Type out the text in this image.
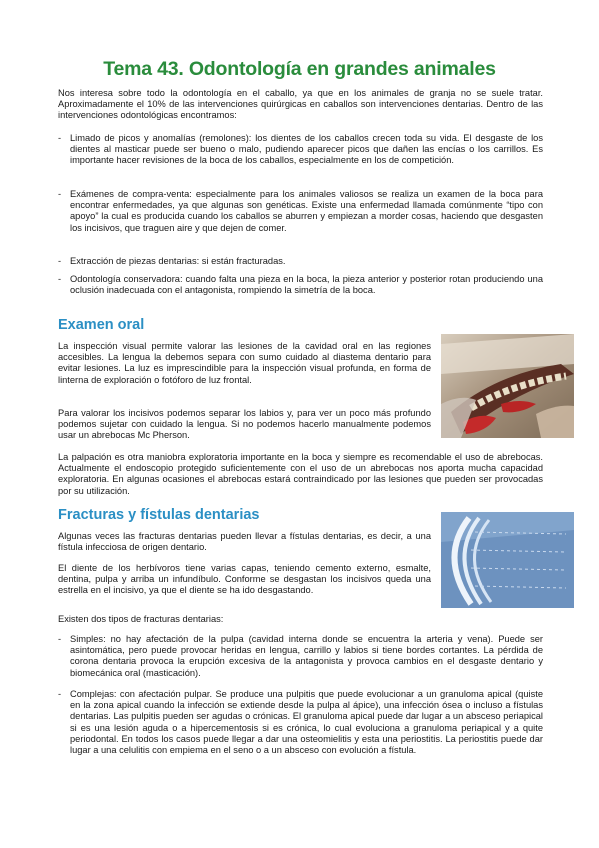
Tema 43. Odontología en grandes animales
Nos interesa sobre todo la odontología en el caballo, ya que en los animales de granja no se suele tratar. Aproximadamente el 10% de las intervenciones quirúrgicas en caballos son intervenciones dentarias. Dentro de las intervenciones odontológicas encontramos:
- Limado de picos y anomalías (remolones): los dientes de los caballos crecen toda su vida. El desgaste de los dientes al masticar puede ser bueno o malo, pudiendo aparecer picos que dañen las encías o los carrillos. Es importante hacer revisiones de la boca de los caballos, especialmente en los de competición.
- Exámenes de compra-venta: especialmente para los animales valiosos se realiza un examen de la boca para encontrar enfermedades, ya que algunas son genéticas. Existe una enfermedad llamada comúnmente “tipo con apoyo” la cual es producida cuando los caballos se aburren y empiezan a morder cosas, haciendo que desgasten los incisivos, que traguen aire y que dejen de comer.
- Extracción de piezas dentarias: si están fracturadas.
- Odontología conservadora: cuando falta una pieza en la boca, la pieza anterior y posterior rotan produciendo una oclusión inadecuada con el antagonista, rompiendo la simetría de la boca.
Examen oral
La inspección visual permite valorar las lesiones de la cavidad oral en las regiones accesibles. La lengua la debemos separa con sumo cuidado al diastema dentario para evitar lesiones. La luz es imprescindible para la inspección visual profunda, en forma de linterna de exploración o fotóforo de luz frontal.
Para valorar los incisivos podemos separar los labios y, para ver un poco más profundo podemos sujetar con cuidado la lengua. Si no podemos hacerlo manualmente podemos usar un abrebocas Mc Pherson.
La palpación es otra maniobra exploratoria importante en la boca y siempre es recomendable el uso de abrebocas. Actualmente el endoscopio protegido suficientemente con el uso de un abrebocas nos aporta mucha capacidad exploratoria. En algunas ocasiones el abrebocas estará contraindicado por las lesiones que pueden ser provocadas por su utilización.
Fracturas y fístulas dentarias
Algunas veces las fracturas dentarias pueden llevar a fístulas dentarias, es decir, a una fístula infecciosa de origen dentario.
El diente de los herbívoros tiene varias capas, teniendo cemento externo, esmalte, dentina, pulpa y arriba un infundíbulo. Conforme se desgastan los incisivos queda una estrella en el incisivo, ya que el diente se ha ido desgastando.
Existen dos tipos de fracturas dentarias:
- Simples: no hay afectación de la pulpa (cavidad interna donde se encuentra la arteria y vena). Puede ser asintomática, pero puede provocar heridas en lengua, carrillo y labios si tiene bordes cortantes. La pérdida de corona dentaria provoca la erupción excesiva de la antagonista y provoca cambios en el desgaste dentario y biomecánica oral (masticación).
- Complejas: con afectación pulpar. Se produce una pulpitis que puede evolucionar a un granuloma apical (quiste en la zona apical cuando la infección se extiende desde la pulpa al ápice), una infección ósea o incluso a fístulas dentarias. Las pulpitis pueden ser agudas o crónicas. El granuloma apical puede dar lugar a un absceso periapical si es una lesión aguda o a hipercementosis si es crónica, lo cual evoluciona a granuloma periapical y a quite periodontal. En todos los casos puede llegar a dar una osteomielitis y esta una periostitis. La periostitis puede dar lugar a una celulitis con empiema en el seno o a un absceso con evolución a fístula.
